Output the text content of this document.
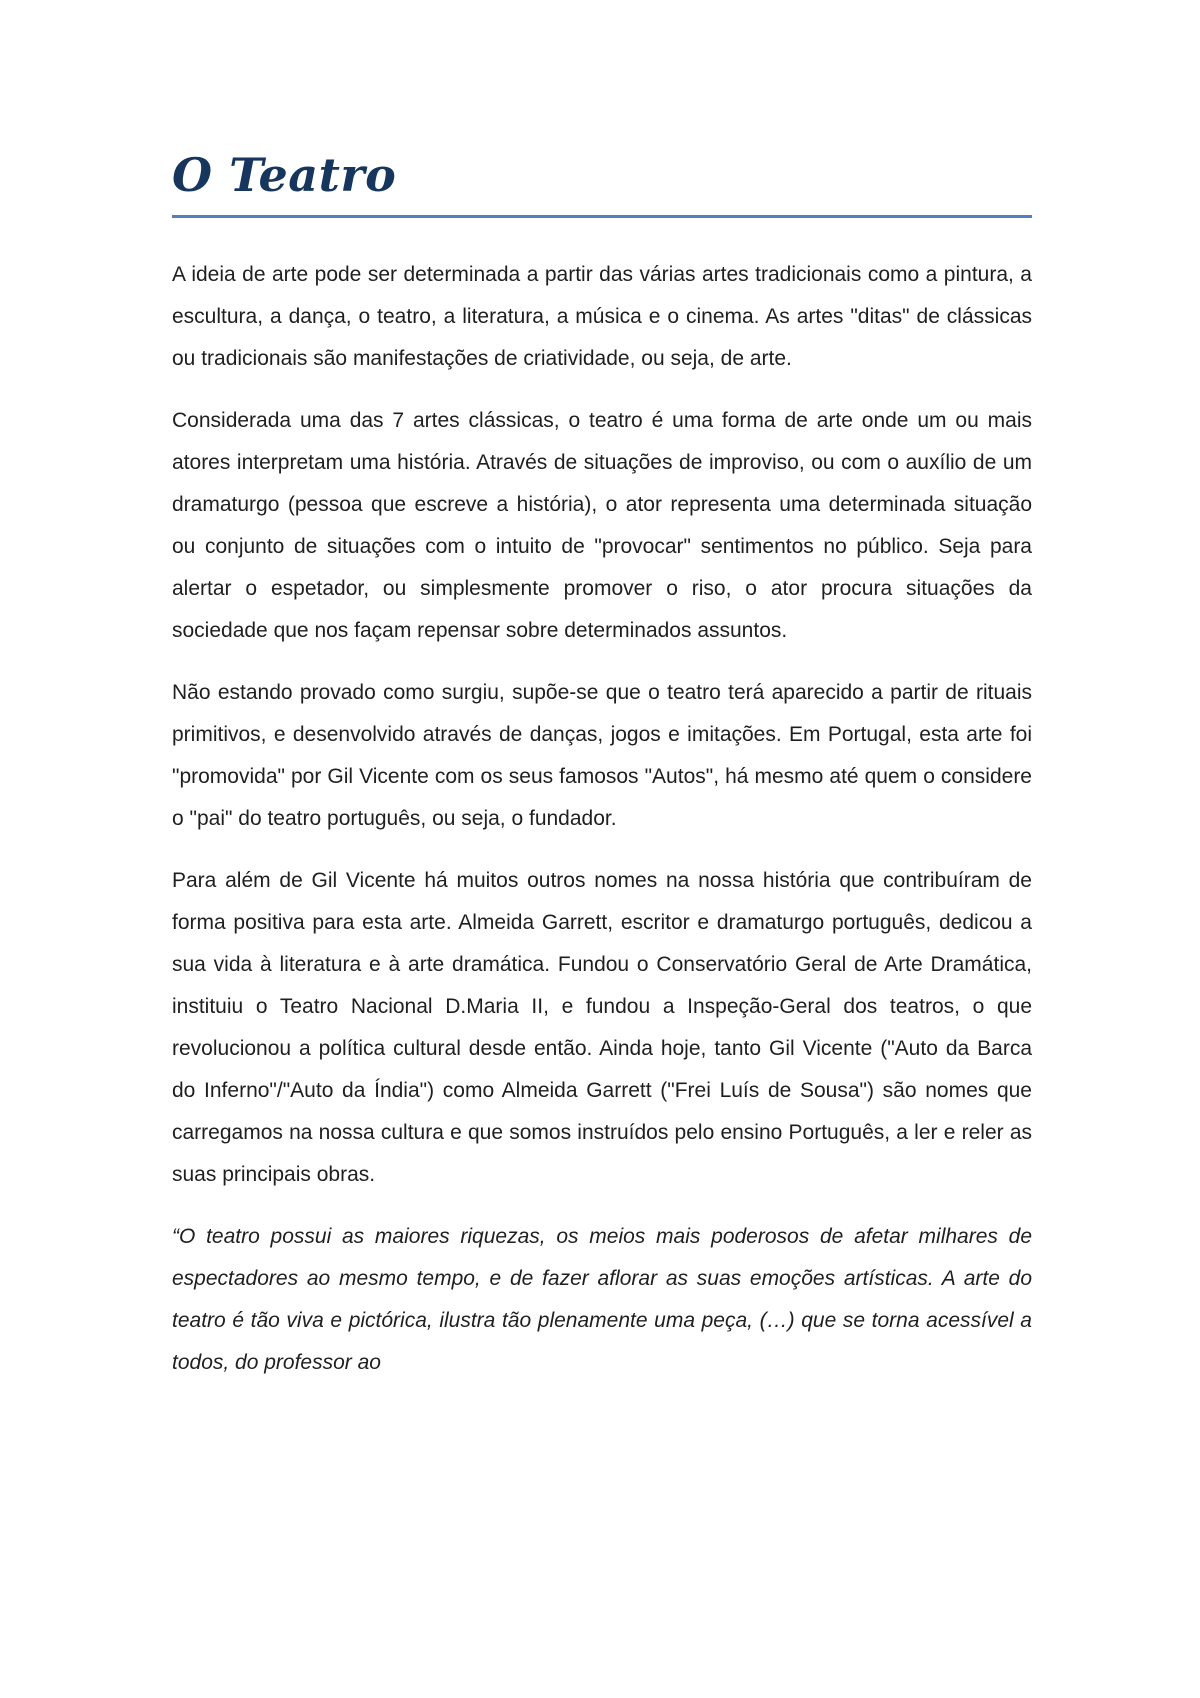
O Teatro

A ideia de arte pode ser determinada a partir das várias artes tradicionais como a pintura, a escultura, a dança, o teatro, a literatura, a música e o cinema. As artes "ditas" de clássicas ou tradicionais são manifestações de criatividade, ou seja, de arte.

Considerada uma das 7 artes clássicas, o teatro é uma forma de arte onde um ou mais atores interpretam uma história. Através de situações de improviso, ou com o auxílio de um dramaturgo (pessoa que escreve a história), o ator representa uma determinada situação ou conjunto de situações com o intuito de "provocar" sentimentos no público. Seja para alertar o espetador, ou simplesmente promover o riso, o ator procura situações da sociedade que nos façam repensar sobre determinados assuntos.

Não estando provado como surgiu, supõe-se que o teatro terá aparecido a partir de rituais primitivos, e desenvolvido através de danças, jogos e imitações. Em Portugal, esta arte foi "promovida" por Gil Vicente com os seus famosos "Autos", há mesmo até quem o considere o "pai" do teatro português, ou seja, o fundador.

Para além de Gil Vicente há muitos outros nomes na nossa história que contribuíram de forma positiva para esta arte. Almeida Garrett, escritor e dramaturgo português, dedicou a sua vida à literatura e à arte dramática. Fundou o Conservatório Geral de Arte Dramática, instituiu o Teatro Nacional D.Maria II, e fundou a Inspeção-Geral dos teatros, o que revolucionou a política cultural desde então. Ainda hoje, tanto Gil Vicente ("Auto da Barca do Inferno"/"Auto da Índia") como Almeida Garrett ("Frei Luís de Sousa") são nomes que carregamos na nossa cultura e que somos instruídos pelo ensino Português, a ler e reler as suas principais obras.

“O teatro possui as maiores riquezas, os meios mais poderosos de afetar milhares de espectadores ao mesmo tempo, e de fazer aflorar as suas emoções artísticas. A arte do teatro é tão viva e pictórica, ilustra tão plenamente uma peça, (…) que se torna acessível a todos, do professor ao
